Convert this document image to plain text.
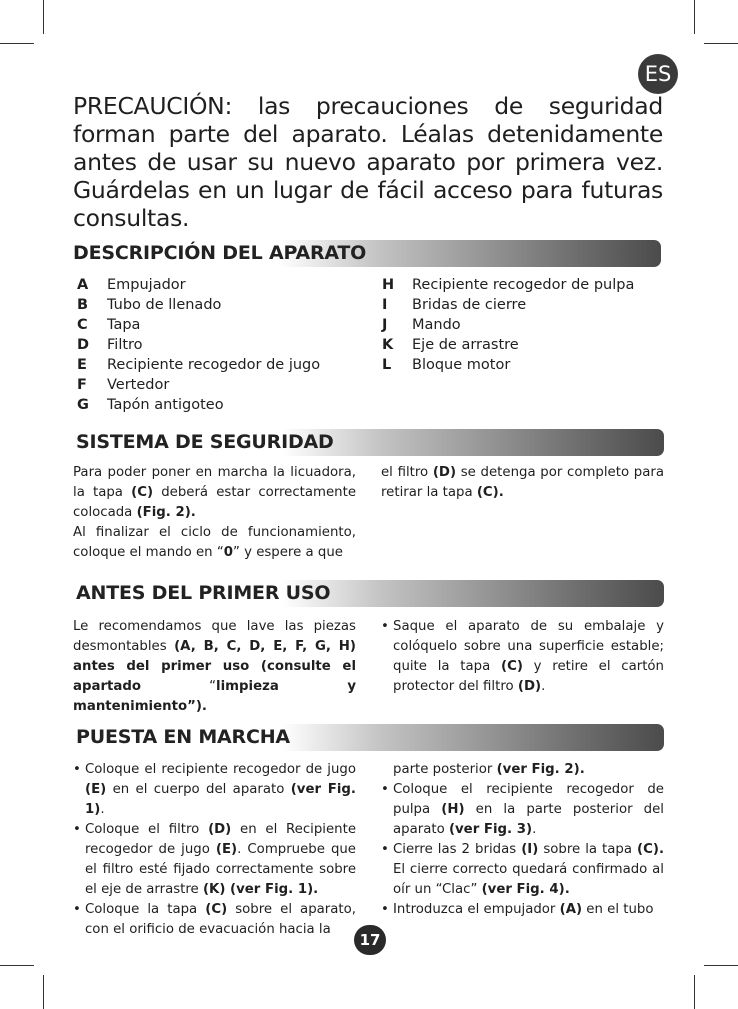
ES

PRECAUCIÓN: las precauciones de seguridad forman parte del aparato. Léalas detenidamente antes de usar su nuevo aparato por primera vez. Guárdelas en un lugar de fácil acceso para futuras consultas.

DESCRIPCIÓN DEL APARATO
A	Empujador
B	Tubo de llenado
C	Tapa
D	Filtro
E	Recipiente recogedor de jugo
F	Vertedor
G	Tapón antigoteo
H	Recipiente recogedor de pulpa
I	Bridas de cierre
J	Mando
K	Eje de arrastre
L	Bloque motor
SISTEMA DE SEGURIDAD

Para poder poner en marcha la licuadora, la tapa (C) deberá estar correctamente colocada (Fig. 2).

Al finalizar el ciclo de funcionamiento, coloque el mando en “0” y espere a que

el filtro (D) se detenga por completo para retirar la tapa (C).

ANTES DEL PRIMER USO

Le recomendamos que lave las piezas desmontables (A, B, C, D, E, F, G, H) antes del primer uso (consulte el apartado “limpieza y mantenimiento”).

• Saque el aparato de su embalaje y colóquelo sobre una superficie estable; quite la tapa (C) y retire el cartón protector del filtro (D).
PUESTA EN MARCHA
• Coloque el recipiente recogedor de jugo (E) en el cuerpo del aparato (ver Fig. 1).
• Coloque el filtro (D) en el Recipiente recogedor de jugo (E). Compruebe que el filtro esté fijado correctamente sobre el eje de arrastre (K) (ver Fig. 1).
• Coloque la tapa (C) sobre el aparato, con el orificio de evacuación hacia la

parte posterior (ver Fig. 2).

• Coloque el recipiente recogedor de pulpa (H) en la parte posterior del aparato (ver Fig. 3).
• Cierre las 2 bridas (I) sobre la tapa (C). El cierre correcto quedará confirmado al oír un “Clac” (ver Fig. 4).
• Introduzca el empujador (A) en el tubo
17
